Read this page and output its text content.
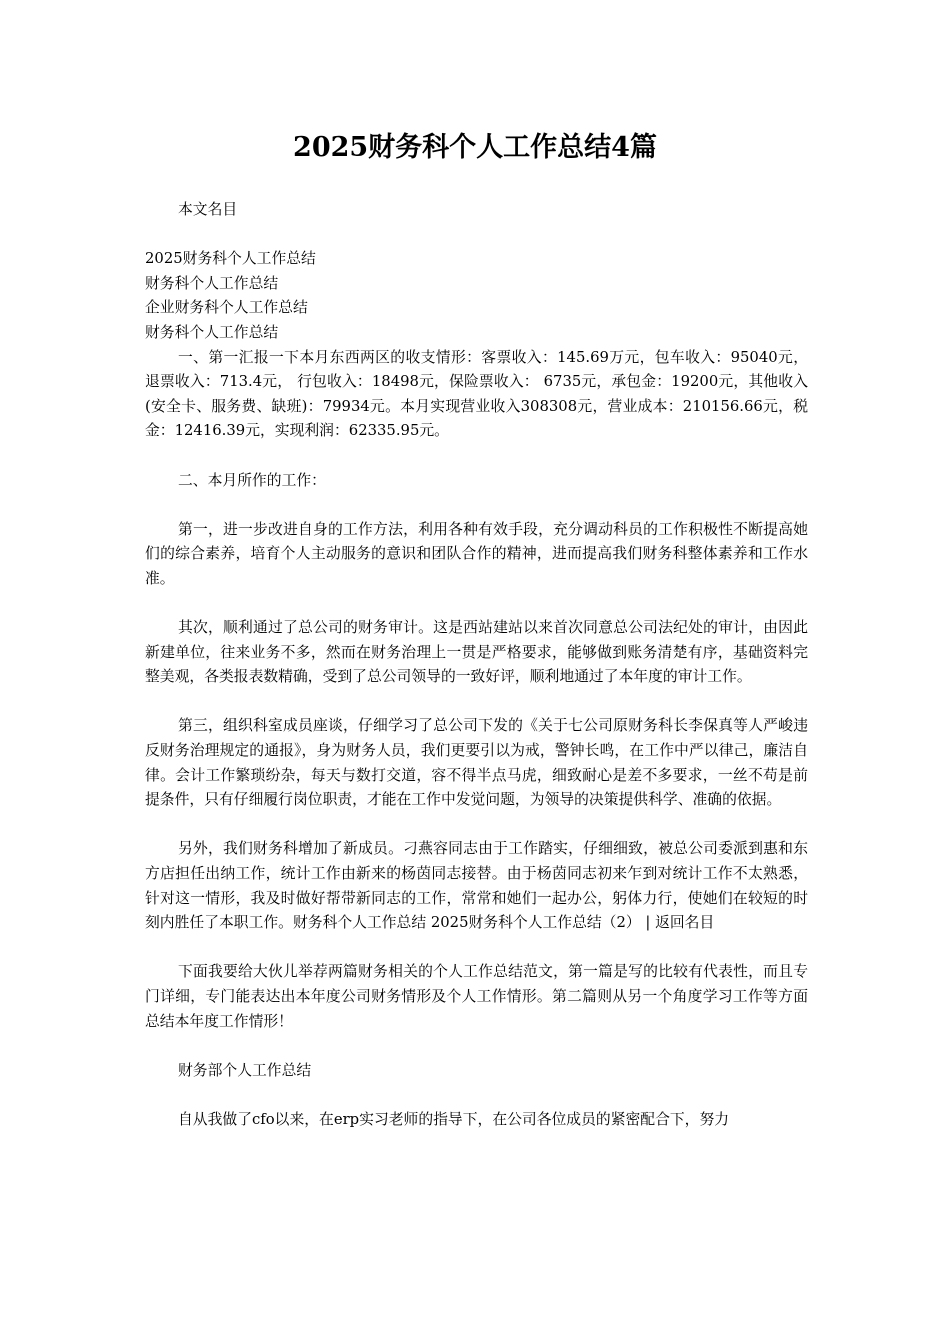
2025财务科个人工作总结4篇

本文名目

2025财务科个人工作总结

财务科个人工作总结

企业财务科个人工作总结

财务科个人工作总结

一、第一汇报一下本月东西两区的收支情形：客票收入：145.69万元，包车收入：95040元，退票收入：713.4元， 行包收入：18498元，保险票收入： 6735元，承包金：19200元，其他收入(安全卡、服务费、缺班)：79934元。本月实现营业收入308308元，营业成本：210156.66元，税金：12416.39元，实现利润：62335.95元。

二、本月所作的工作：

第一，进一步改进自身的工作方法，利用各种有效手段，充分调动科员的工作积极性不断提高她们的综合素养，培育个人主动服务的意识和团队合作的精神，进而提高我们财务科整体素养和工作水准。

其次，顺利通过了总公司的财务审计。这是西站建站以来首次同意总公司法纪处的审计，由因此新建单位，往来业务不多，然而在财务治理上一贯是严格要求，能够做到账务清楚有序，基础资料完整美观，各类报表数精确，受到了总公司领导的一致好评，顺利地通过了本年度的审计工作。

第三，组织科室成员座谈，仔细学习了总公司下发的《关于七公司原财务科长李保真等人严峻违反财务治理规定的通报》，身为财务人员，我们更要引以为戒，警钟长鸣，在工作中严以律己，廉洁自律。会计工作繁琐纷杂，每天与数打交道，容不得半点马虎，细致耐心是差不多要求，一丝不苟是前提条件，只有仔细履行岗位职责，才能在工作中发觉问题，为领导的决策提供科学、准确的依据。

另外，我们财务科增加了新成员。刁燕容同志由于工作踏实，仔细细致，被总公司委派到惠和东方店担任出纳工作，统计工作由新来的杨茵同志接替。由于杨茵同志初来乍到对统计工作不太熟悉，针对这一情形，我及时做好帮带新同志的工作，常常和她们一起办公，躬体力行，使她们在较短的时刻内胜任了本职工作。财务科个人工作总结 2025财务科个人工作总结（2） | 返回名目

下面我要给大伙儿举荐两篇财务相关的个人工作总结范文，第一篇是写的比较有代表性，而且专门详细，专门能表达出本年度公司财务情形及个人工作情形。第二篇则从另一个角度学习工作等方面总结本年度工作情形！

财务部个人工作总结

自从我做了cfo以来，在erp实习老师的指导下，在公司各位成员的紧密配合下，努力
